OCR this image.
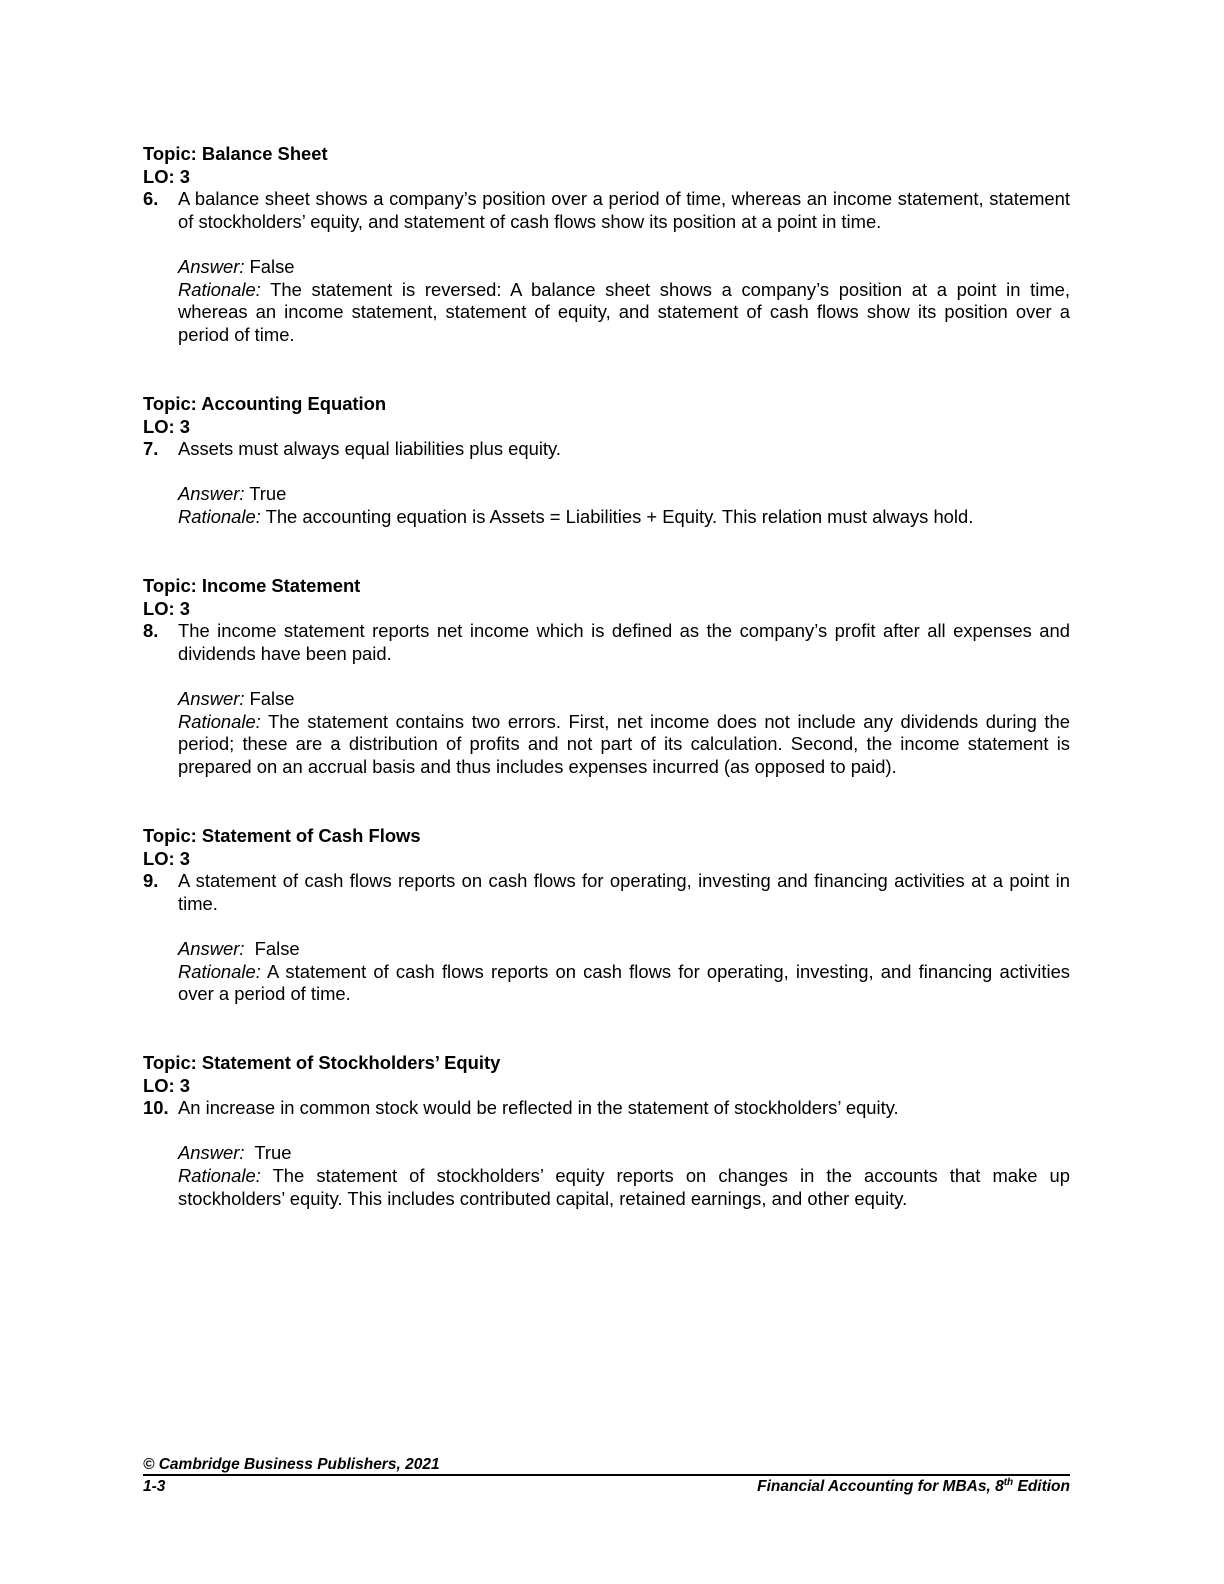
Topic: Balance Sheet
LO: 3
6.	A balance sheet shows a company’s position over a period of time, whereas an income statement, statement of stockholders’ equity, and statement of cash flows show its position at a point in time.
Answer: False
Rationale: The statement is reversed: A balance sheet shows a company’s position at a point in time, whereas an income statement, statement of equity, and statement of cash flows show its position over a period of time.
Topic: Accounting Equation
LO: 3
7.	Assets must always equal liabilities plus equity.
Answer: True
Rationale: The accounting equation is Assets = Liabilities + Equity. This relation must always hold.
Topic: Income Statement
LO: 3
8.	The income statement reports net income which is defined as the company’s profit after all expenses and dividends have been paid.
Answer: False
Rationale: The statement contains two errors. First, net income does not include any dividends during the period; these are a distribution of profits and not part of its calculation. Second, the income statement is prepared on an accrual basis and thus includes expenses incurred (as opposed to paid).
Topic: Statement of Cash Flows
LO: 3
9.	A statement of cash flows reports on cash flows for operating, investing and financing activities at a point in time.
Answer:  False
Rationale: A statement of cash flows reports on cash flows for operating, investing, and financing activities over a period of time.
Topic: Statement of Stockholders’ Equity
LO: 3
10. An increase in common stock would be reflected in the statement of stockholders’ equity.
Answer:  True
Rationale: The statement of stockholders’ equity reports on changes in the accounts that make up stockholders’ equity. This includes contributed capital, retained earnings, and other equity.
© Cambridge Business Publishers, 2021
1-3	Financial Accounting for MBAs, 8th Edition
